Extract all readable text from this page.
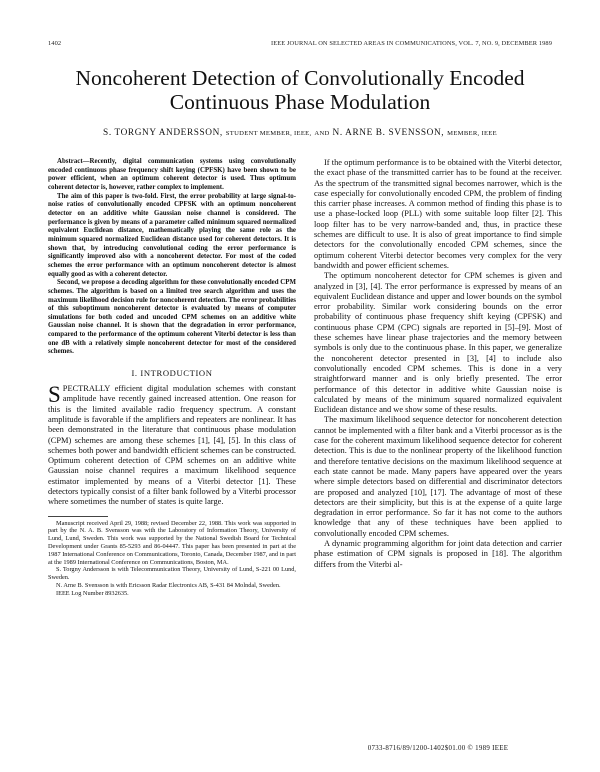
1402	IEEE JOURNAL ON SELECTED AREAS IN COMMUNICATIONS, VOL. 7, NO. 9, DECEMBER 1989
Noncoherent Detection of Convolutionally Encoded
Continuous Phase Modulation
S. TORGNY ANDERSSON, STUDENT MEMBER, IEEE, AND N. ARNE B. SVENSSON, MEMBER, IEEE

Abstract—Recently, digital communication systems using convolutionally encoded continuous phase frequency shift keying (CPFSK) have been shown to be power efficient, when an optimum coherent detector is used. Thus optimum coherent detector is, however, rather complex to implement.

The aim of this paper is two-fold. First, the error probability at large signal-to-noise ratios of convolutionally encoded CPFSK with an optimum noncoherent detector on an additive white Gaussian noise channel is considered. The performance is given by means of a parameter called minimum squared normalized equivalent Euclidean distance, mathematically playing the same role as the minimum squared normalized Euclidean distance used for coherent detectors. It is shown that, by introducing convolutional coding the error performance is significantly improved also with a noncoherent detector. For most of the coded schemes the error performance with an optimum noncoherent detector is almost equally good as with a coherent detector.

Second, we propose a decoding algorithm for these convolutionally encoded CPM schemes. The algorithm is based on a limited tree search algorithm and uses the maximum likelihood decision rule for noncoherent detection. The error probabilities of this suboptimum noncoherent detector is evaluated by means of computer simulations for both coded and uncoded CPM schemes on an additive white Gaussian noise channel. It is shown that the degradation in error performance, compared to the performance of the optimum coherent Viterbi detector is less than one dB with a relatively simple noncoherent detector for most of the considered schemes.

I. INTRODUCTION

SPECTRALLY efficient digital modulation schemes with constant amplitude have recently gained increased attention. One reason for this is the limited available radio frequency spectrum. A constant amplitude is favorable if the amplifiers and repeaters are nonlinear. It has been demonstrated in the literature that continuous phase modulation (CPM) schemes are among these schemes [1], [4], [5]. In this class of schemes both power and bandwidth efficient schemes can be constructed. Optimum coherent detection of CPM schemes on an additive white Gaussian noise channel requires a maximum likelihood sequence estimator implemented by means of a Viterbi detector [1]. These detectors typically consist of a filter bank followed by a Viterbi processor where sometimes the number of states is quite large.

Manuscript received April 29, 1988; revised December 22, 1988. This work was supported in part by the N. A. B. Svensson was with the Laboratory of Information Theory, University of Lund, Lund, Sweden. This work was supported by the National Swedish Board for Technical Development under Grants 85-5293 and 86-04447. This paper has been presented in part at the 1987 International Conference on Communications, Toronto, Canada, December 1987, and in part at the 1989 International Conference on Communications, Boston, MA.

S. Torgny Andersson is with Telecommunication Theory, University of Lund, S-221 00 Lund, Sweden.

N. Arne B. Svensson is with Ericsson Radar Electronics AB, S-431 84 Molndal, Sweden.

IEEE Log Number 8932635.

If the optimum performance is to be obtained with the Viterbi detector, the exact phase of the transmitted carrier has to be found at the receiver. As the spectrum of the transmitted signal becomes narrower, which is the case especially for convolutionally encoded CPM, the problem of finding this carrier phase increases. A common method of finding this phase is to use a phase-locked loop (PLL) with some suitable loop filter [2]. This loop filter has to be very narrow-banded and, thus, in practice these schemes are difficult to use. It is also of great importance to find simple detectors for the convolutionally encoded CPM schemes, since the optimum coherent Viterbi detector becomes very complex for the very bandwidth and power efficient schemes.

The optimum noncoherent detector for CPM schemes is given and analyzed in [3], [4]. The error performance is expressed by means of an equivalent Euclidean distance and upper and lower bounds on the symbol error probability. Similar work considering bounds on the error probability of continuous phase frequency shift keying (CPFSK) and continuous phase CPM (CPC) signals are reported in [5]–[9]. Most of these schemes have linear phase trajectories and the memory between symbols is only due to the continuous phase. In this paper, we generalize the noncoherent detector presented in [3], [4] to include also convolutionally encoded CPM schemes. This is done in a very straightforward manner and is only briefly presented. The error performance of this detector in additive white Gaussian noise is calculated by means of the minimum squared normalized equivalent Euclidean distance and we show some of these results.

The maximum likelihood sequence detector for noncoherent detection cannot be implemented with a filter bank and a Viterbi processor as is the case for the coherent maximum likelihood sequence detector for coherent detection. This is due to the nonlinear property of the likelihood function and therefore tentative decisions on the maximum likelihood sequence at each state cannot be made. Many papers have appeared over the years where simple detectors based on differential and discriminator detectors are proposed and analyzed [10], [17]. The advantage of most of these detectors are their simplicity, but this is at the expense of a quite large degradation in error performance. So far it has not come to the authors knowledge that any of these techniques have been applied to convolutionally encoded CPM schemes.

A dynamic programming algorithm for joint data detection and carrier phase estimation of CPM signals is proposed in [18]. The algorithm differs from the Viterbi al-

0733-8716/89/1200-1402$01.00 © 1989 IEEE
